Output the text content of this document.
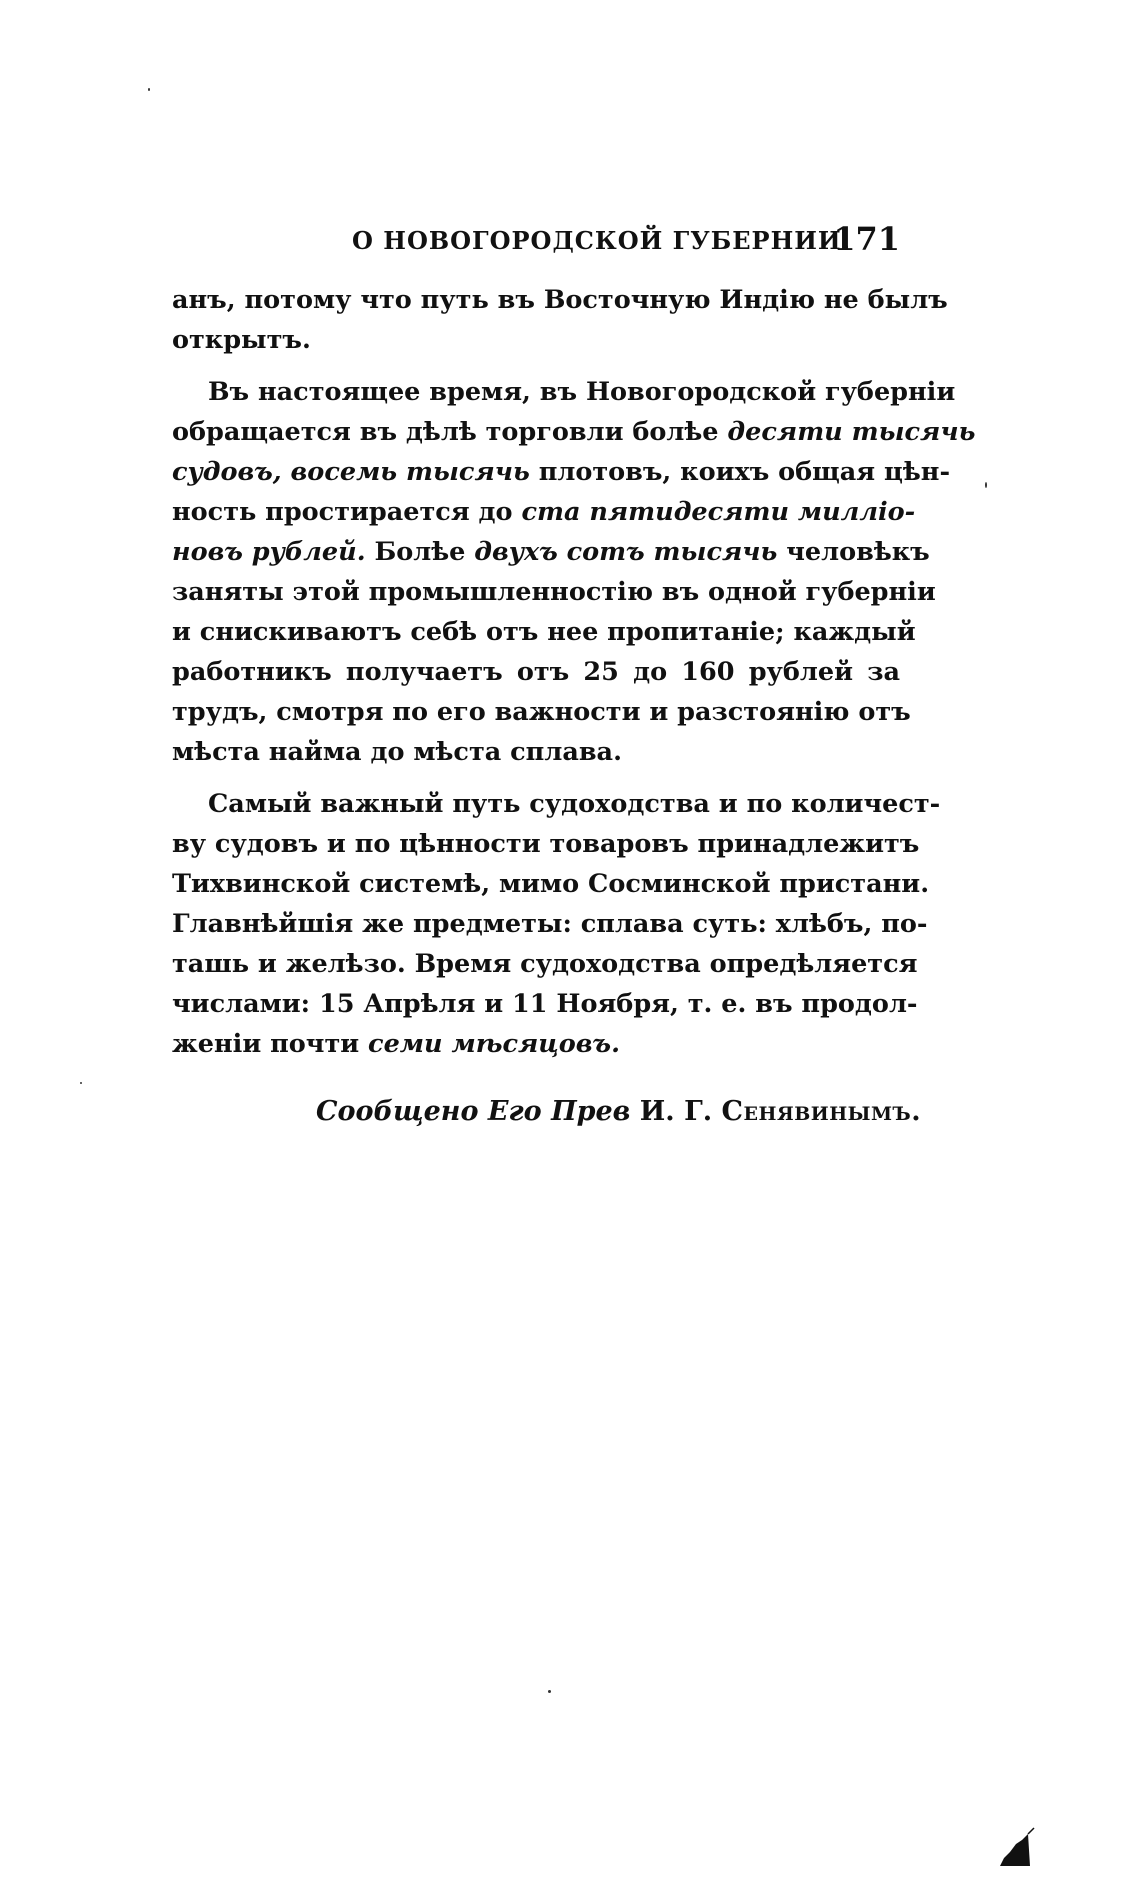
О НОВОГОРОДСКОЙ ГУБЕРНИИ.
171
анъ, потому что путь въ Восточную Индію не былъ
открытъ.
Въ настоящее время, въ Новогородской губерніи
обращается въ дѣлѣ торговли болѣе десяти тысячь
судовъ, восемь тысячь плотовъ, коихъ общая цѣн-
ность простирается до ста пятидесяти милліо-
новъ рублей. Болѣе двухъ сотъ тысячь человѣкъ
заняты этой промышленностію въ одной губерніи
и снискиваютъ себѣ отъ нее пропитаніе; каждый
работникъ получаетъ отъ 25 до 160 рублей за
трудъ, смотря по его важности и разстоянію отъ
мѣста найма до мѣста сплава.
Самый важный путь судоходства и по количест-
ву судовъ и по цѣнности товаровъ принадлежитъ
Тихвинской системѣ, мимо Сосминской пристани.
Главнѣйшія же предметы: сплава суть: хлѣбъ, по-
ташь и желѣзо. Время судоходства опредѣляется
числами: 15 Апрѣля и 11 Ноября, т. е. въ продол-
женіи почти семи мѣсяцовъ.
Сообщено Его Прев И. Г. Сенявинымъ.
